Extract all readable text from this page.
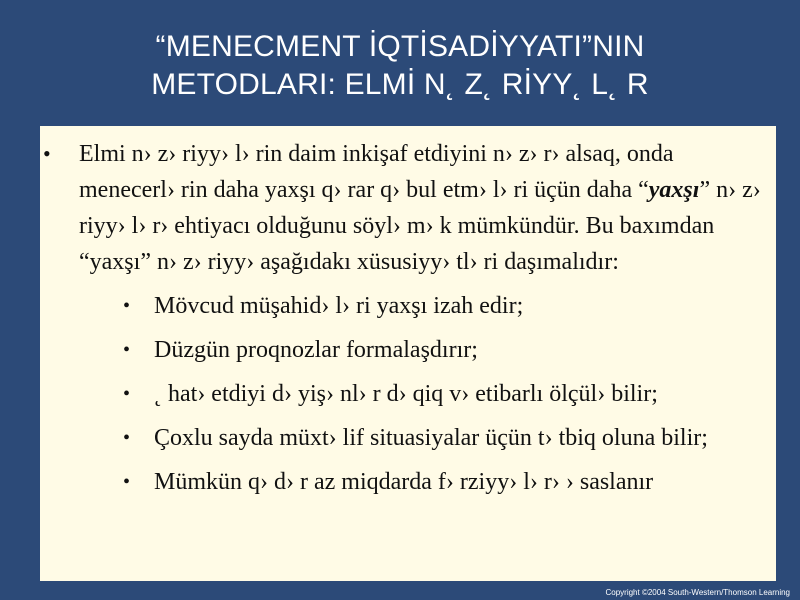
“MENECMENT İQTİSADİYYATI”NIN
METODLARI: ELMİ N˛ Z˛ RİYY˛ L˛ R
• Elmi n› z› riyy› l› rin daim inkişaf etdiyini n› z› r› alsaq, onda menecerl› rin daha yaxşı q› rar q› bul etm› l› ri üçün daha “yaxşı” n› z› riyy› l› r› ehtiyacı olduğunu söyl› m› k mümkündür. Bu baxımdan “yaxşı” n› z› riyy› aşağıdakı xüsusiyy› tl› ri daşımalıdır:
• Mövcud müşahid› l› ri yaxşı izah edir;
• Düzgün proqnozlar formalaşdırır;
• ˛ hat› etdiyi d› yiş› nl› r d› qiq v› etibarlı ölçül› bilir;
• Çoxlu sayda müxt› lif situasiyalar üçün t› tbiq oluna bilir;
• Mümkün q› d› r az miqdarda f› rziyy› l› r› › saslanır
Copyright ©2004 South-Western/Thomson Learning
